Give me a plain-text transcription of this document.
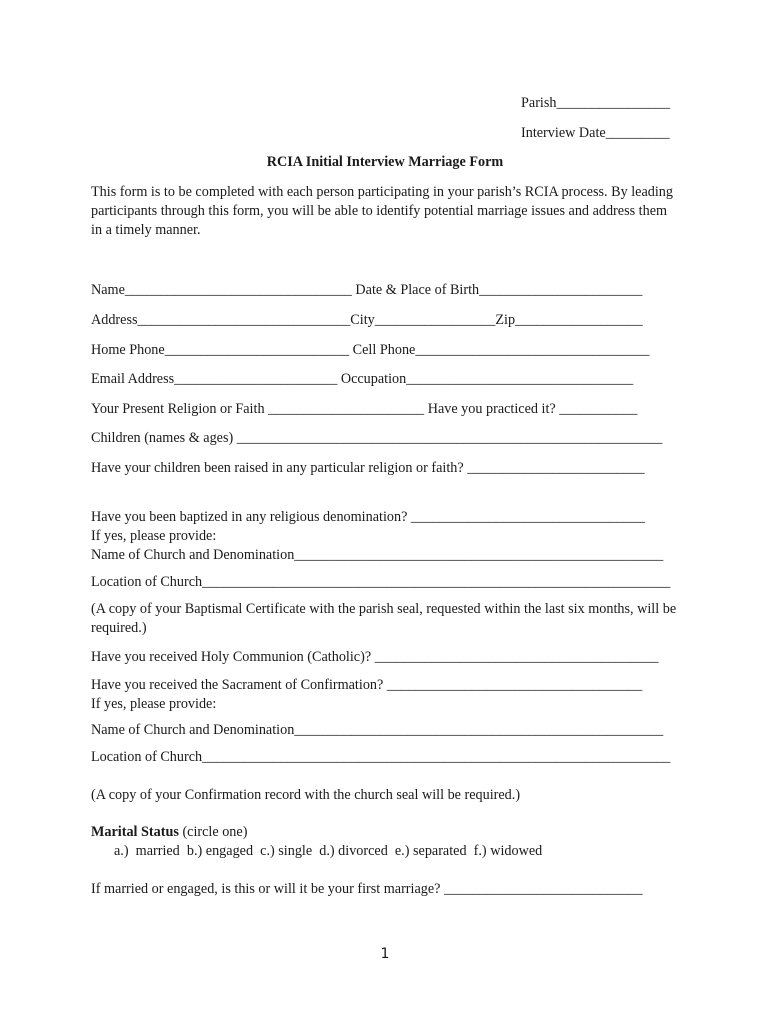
Parish________________
Interview Date_________
RCIA Initial Interview Marriage Form
This form is to be completed with each person participating in your parish’s RCIA process. By leading participants through this form, you will be able to identify potential marriage issues and address them in a timely manner.
Name________________________________ Date & Place of Birth_______________________
Address______________________________City_________________Zip__________________
Home Phone__________________________ Cell Phone_________________________________
Email Address_______________________ Occupation________________________________
Your Present Religion or Faith ______________________ Have you practiced it? ___________
Children (names & ages) ____________________________________________________________
Have your children been raised in any particular religion or faith? _________________________
Have you been baptized in any religious denomination? _________________________________
If yes, please provide:
Name of Church and Denomination____________________________________________________
Location of Church__________________________________________________________________
(A copy of your Baptismal Certificate with the parish seal, requested within the last six months, will be required.)
Have you received Holy Communion (Catholic)? ________________________________________
Have you received the Sacrament of Confirmation? ____________________________________
If yes, please provide:
Name of Church and Denomination____________________________________________________
Location of Church__________________________________________________________________
(A copy of your Confirmation record with the church seal will be required.)
Marital Status (circle one)
a.)  married  b.) engaged  c.) single  d.) divorced  e.) separated  f.) widowed
If married or engaged, is this or will it be your first marriage? ____________________________
1
